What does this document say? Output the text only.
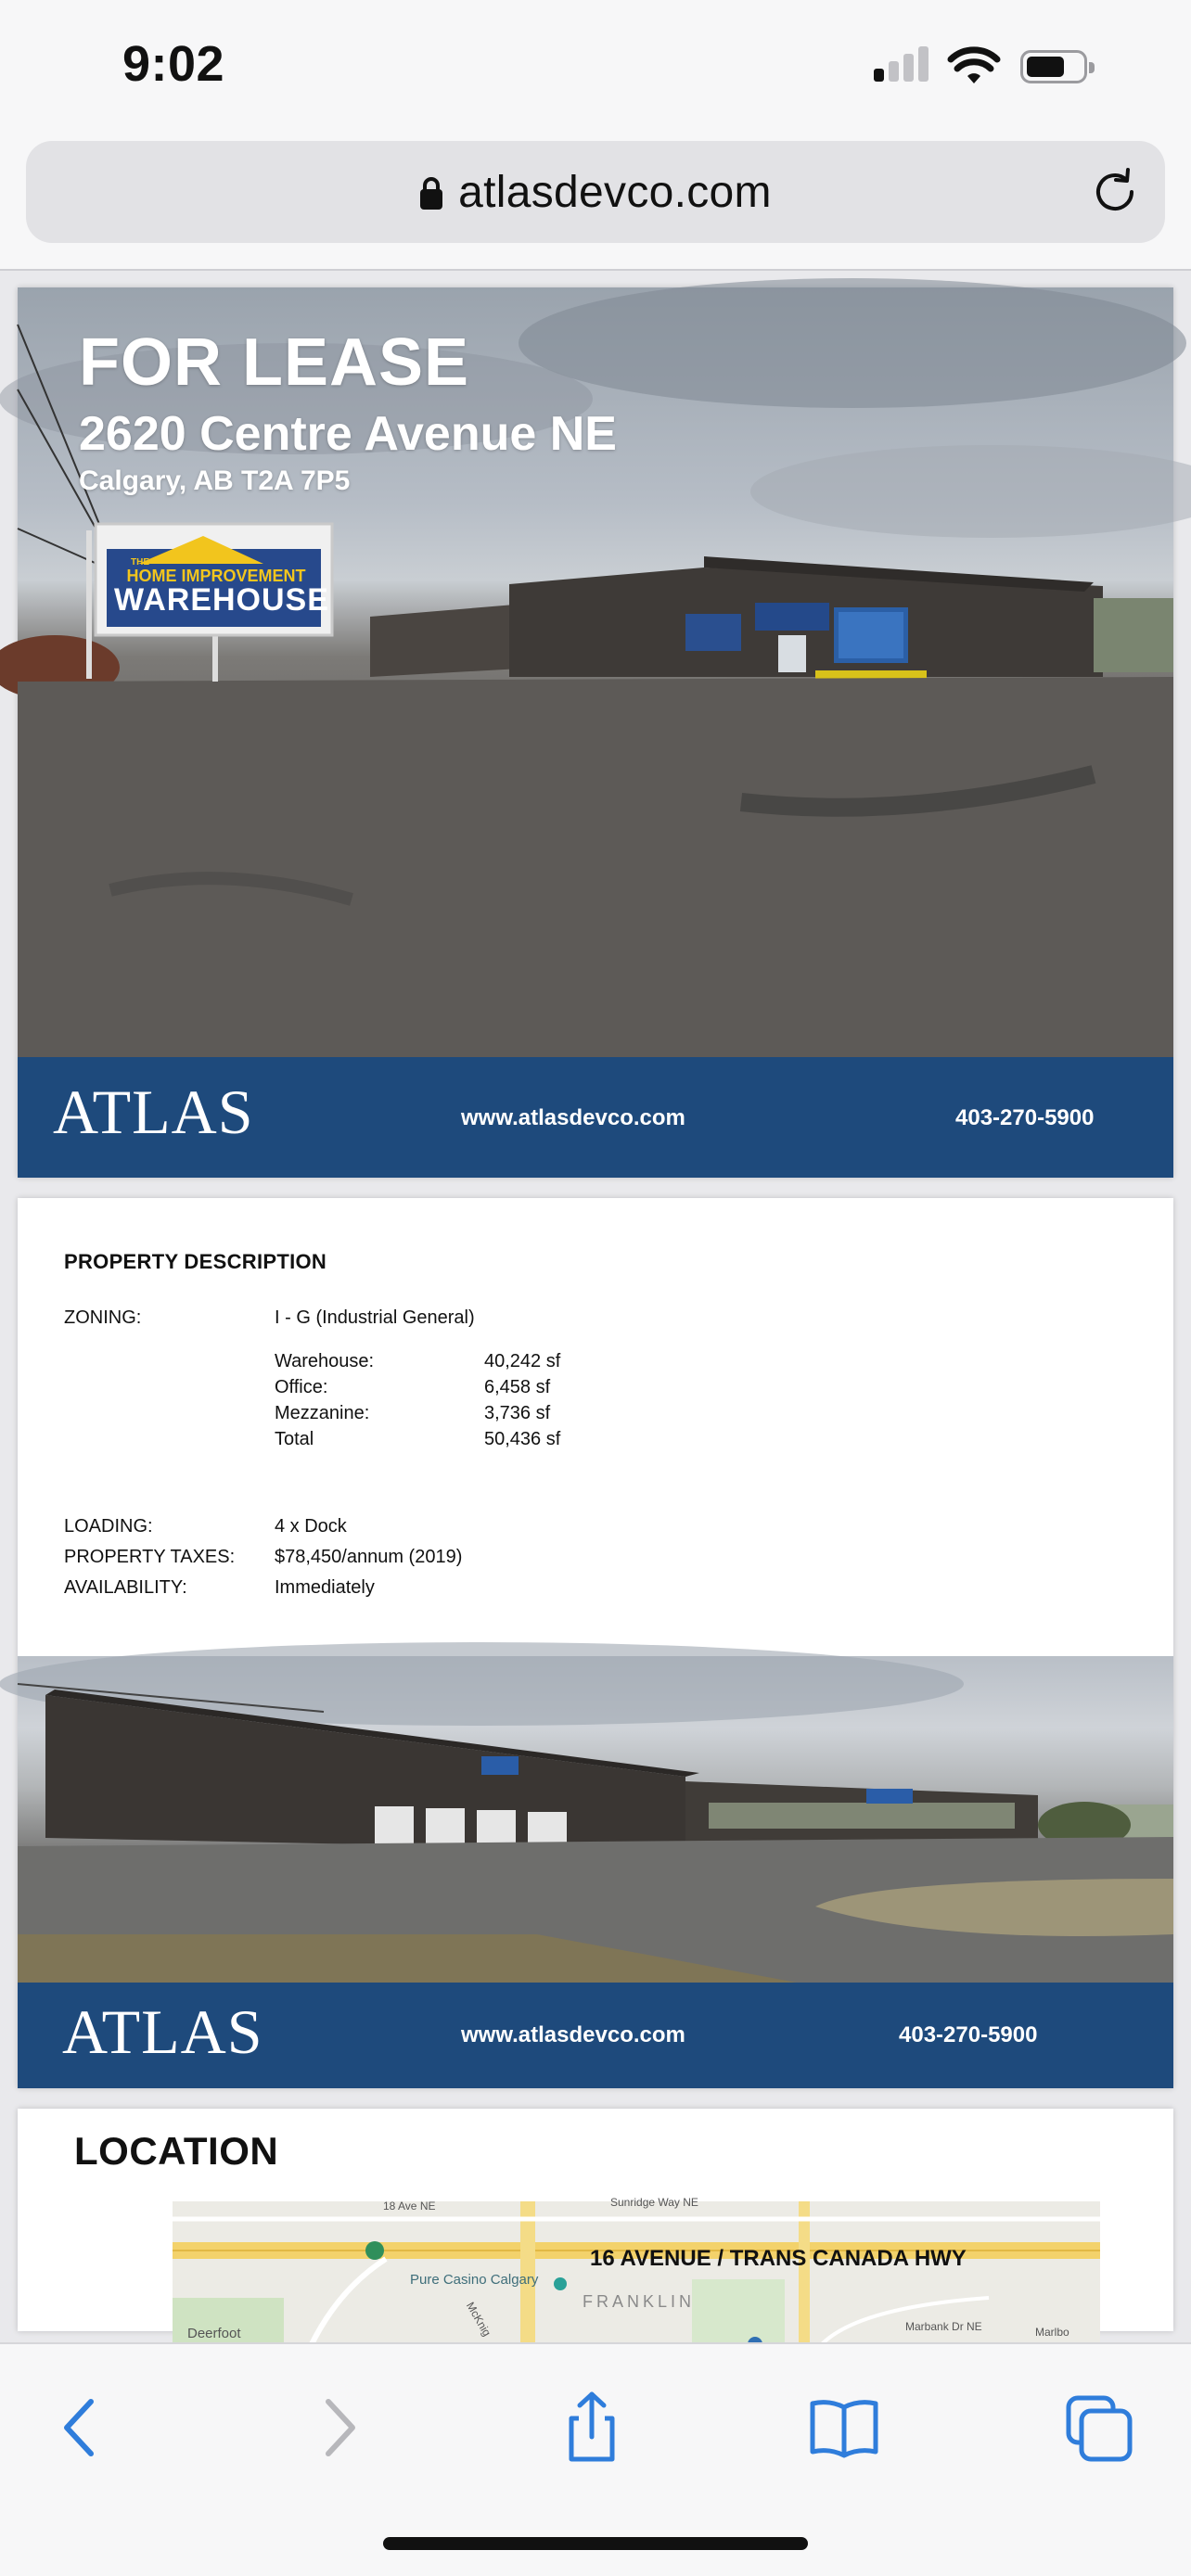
9:02
atlasdevco.com
FOR LEASE
2620 Centre Avenue NE
Calgary, AB T2A 7P5
THE
HOME IMPROVEMENT
WAREHOUSE
ATLAS	www.atlasdevco.com	403-270-5900
PROPERTY DESCRIPTION
ZONING:	I - G (Industrial General)
Warehouse:	40,242 sf
Office:	6,458 sf
Mezzanine:	3,736 sf
Total	50,436 sf
LOADING:	4 x Dock
PROPERTY TAXES: $78,450/annum (2019)
AVAILABILITY:	Immediately
ATLAS	www.atlasdevco.com	403-270-5900
LOCATION
16 AVENUE / TRANS CANADA HWY
Pure Casino Calgary
FRANKLIN
18 Ave NE	Sunridge Way NE
Deerfoot	Marbank Dr NE	Marlbo
McKnig
